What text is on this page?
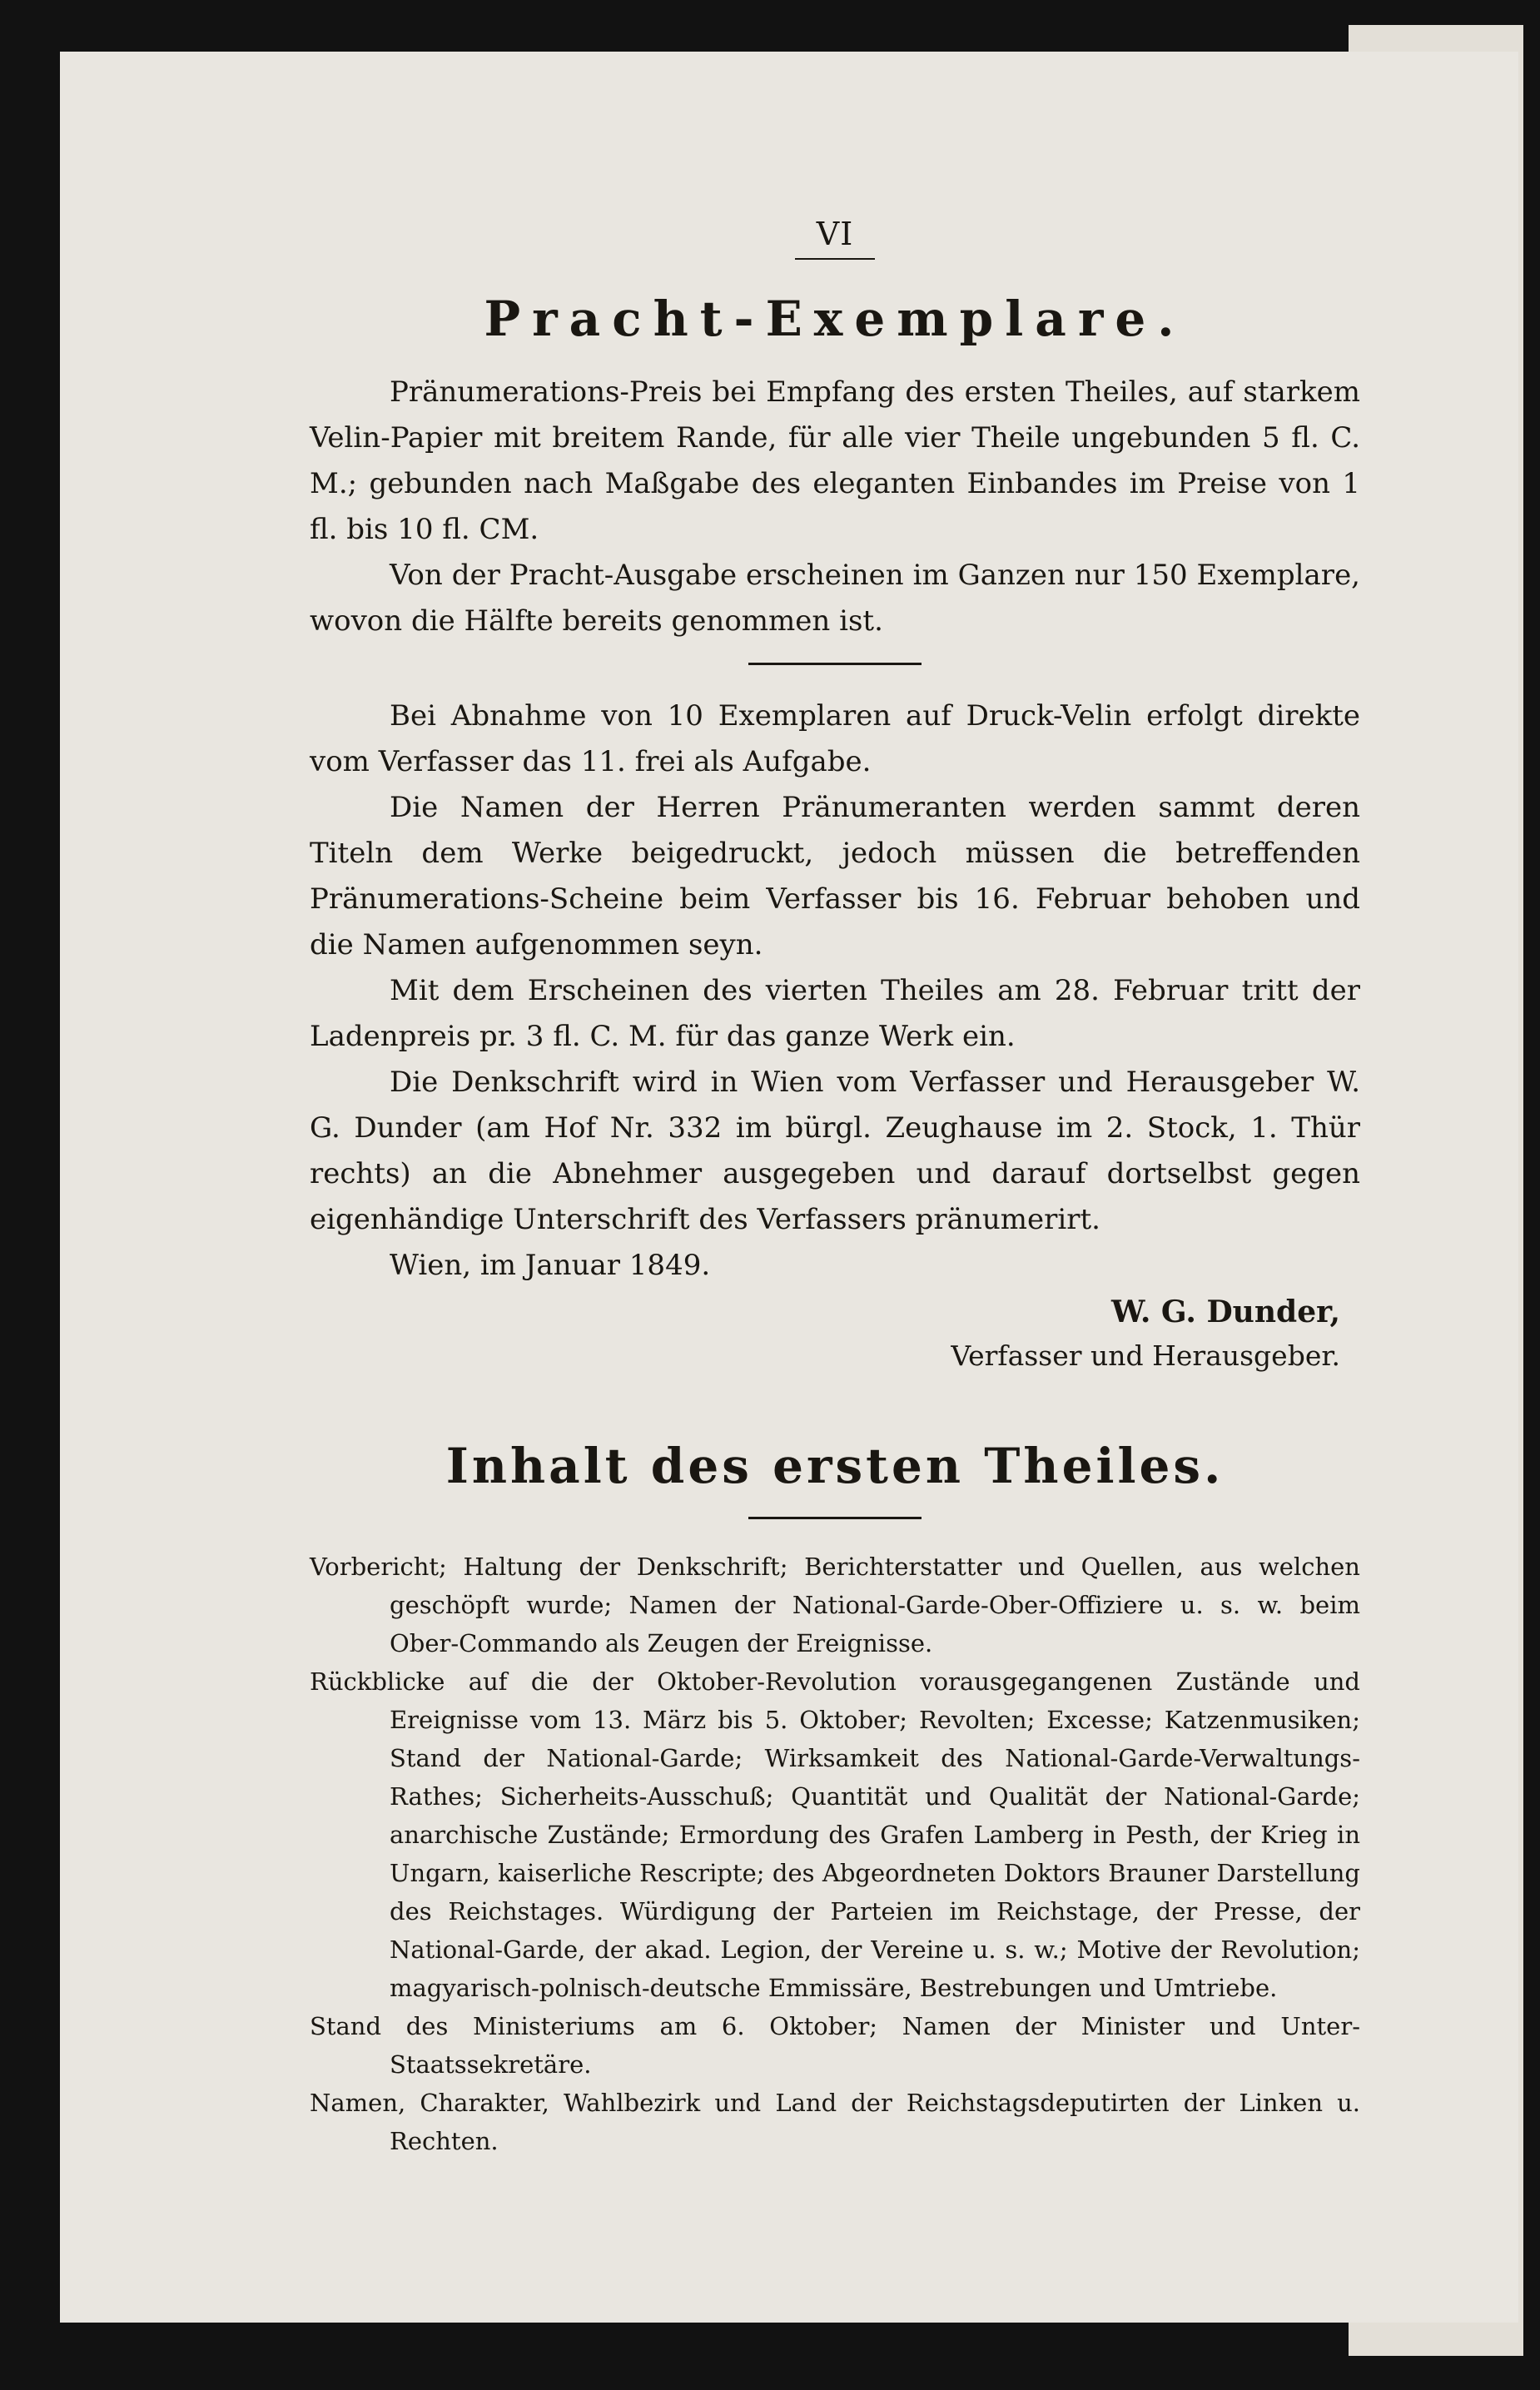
VI
Pracht-Exemplare.

Pränumerations-Preis bei Empfang des ersten Theiles, auf starkem Velin-Papier mit breitem Rande, für alle vier Theile ungebunden 5 fl. C. M.; gebunden nach Maßgabe des eleganten Einbandes im Preise von 1 fl. bis 10 fl. CM.

Von der Pracht-Ausgabe erscheinen im Ganzen nur 150 Exemplare, wovon die Hälfte bereits genommen ist.

Bei Abnahme von 10 Exemplaren auf Druck-Velin erfolgt direkte vom Verfasser das 11. frei als Aufgabe.

Die Namen der Herren Pränumeranten werden sammt deren Titeln dem Werke beigedruckt, jedoch müssen die betreffenden Pränumerations-Scheine beim Verfasser bis 16. Februar behoben und die Namen aufgenommen seyn.

Mit dem Erscheinen des vierten Theiles am 28. Februar tritt der Ladenpreis pr. 3 fl. C. M. für das ganze Werk ein.

Die Denkschrift wird in Wien vom Verfasser und Herausgeber W. G. Dunder (am Hof Nr. 332 im bürgl. Zeughause im 2. Stock, 1. Thür rechts) an die Abnehmer ausgegeben und darauf dortselbst gegen eigenhändige Unterschrift des Verfassers pränumerirt.

Wien, im Januar 1849.

W. G. Dunder,
Verfasser und Herausgeber.
Inhalt des ersten Theiles.

Vorbericht; Haltung der Denkschrift; Berichterstatter und Quellen, aus welchen geschöpft wurde; Namen der National-Garde-Ober-Offiziere u. s. w. beim Ober-Commando als Zeugen der Ereignisse.

Rückblicke auf die der Oktober-Revolution vorausgegangenen Zustände und Ereignisse vom 13. März bis 5. Oktober; Revolten; Excesse; Katzenmusiken; Stand der National-Garde; Wirksamkeit des National-Garde-Verwaltungs-Rathes; Sicherheits-Ausschuß; Quantität und Qualität der National-Garde; anarchische Zustände; Ermordung des Grafen Lamberg in Pesth, der Krieg in Ungarn, kaiserliche Rescripte; des Abgeordneten Doktors Brauner Darstellung des Reichstages. Würdigung der Parteien im Reichstage, der Presse, der National-Garde, der akad. Legion, der Vereine u. s. w.; Motive der Revolution; magyarisch-polnisch-deutsche Emmissäre, Bestrebungen und Umtriebe.

Stand des Ministeriums am 6. Oktober; Namen der Minister und Unter-Staatssekretäre.

Namen, Charakter, Wahlbezirk und Land der Reichstagsdeputirten der Linken u. Rechten.
